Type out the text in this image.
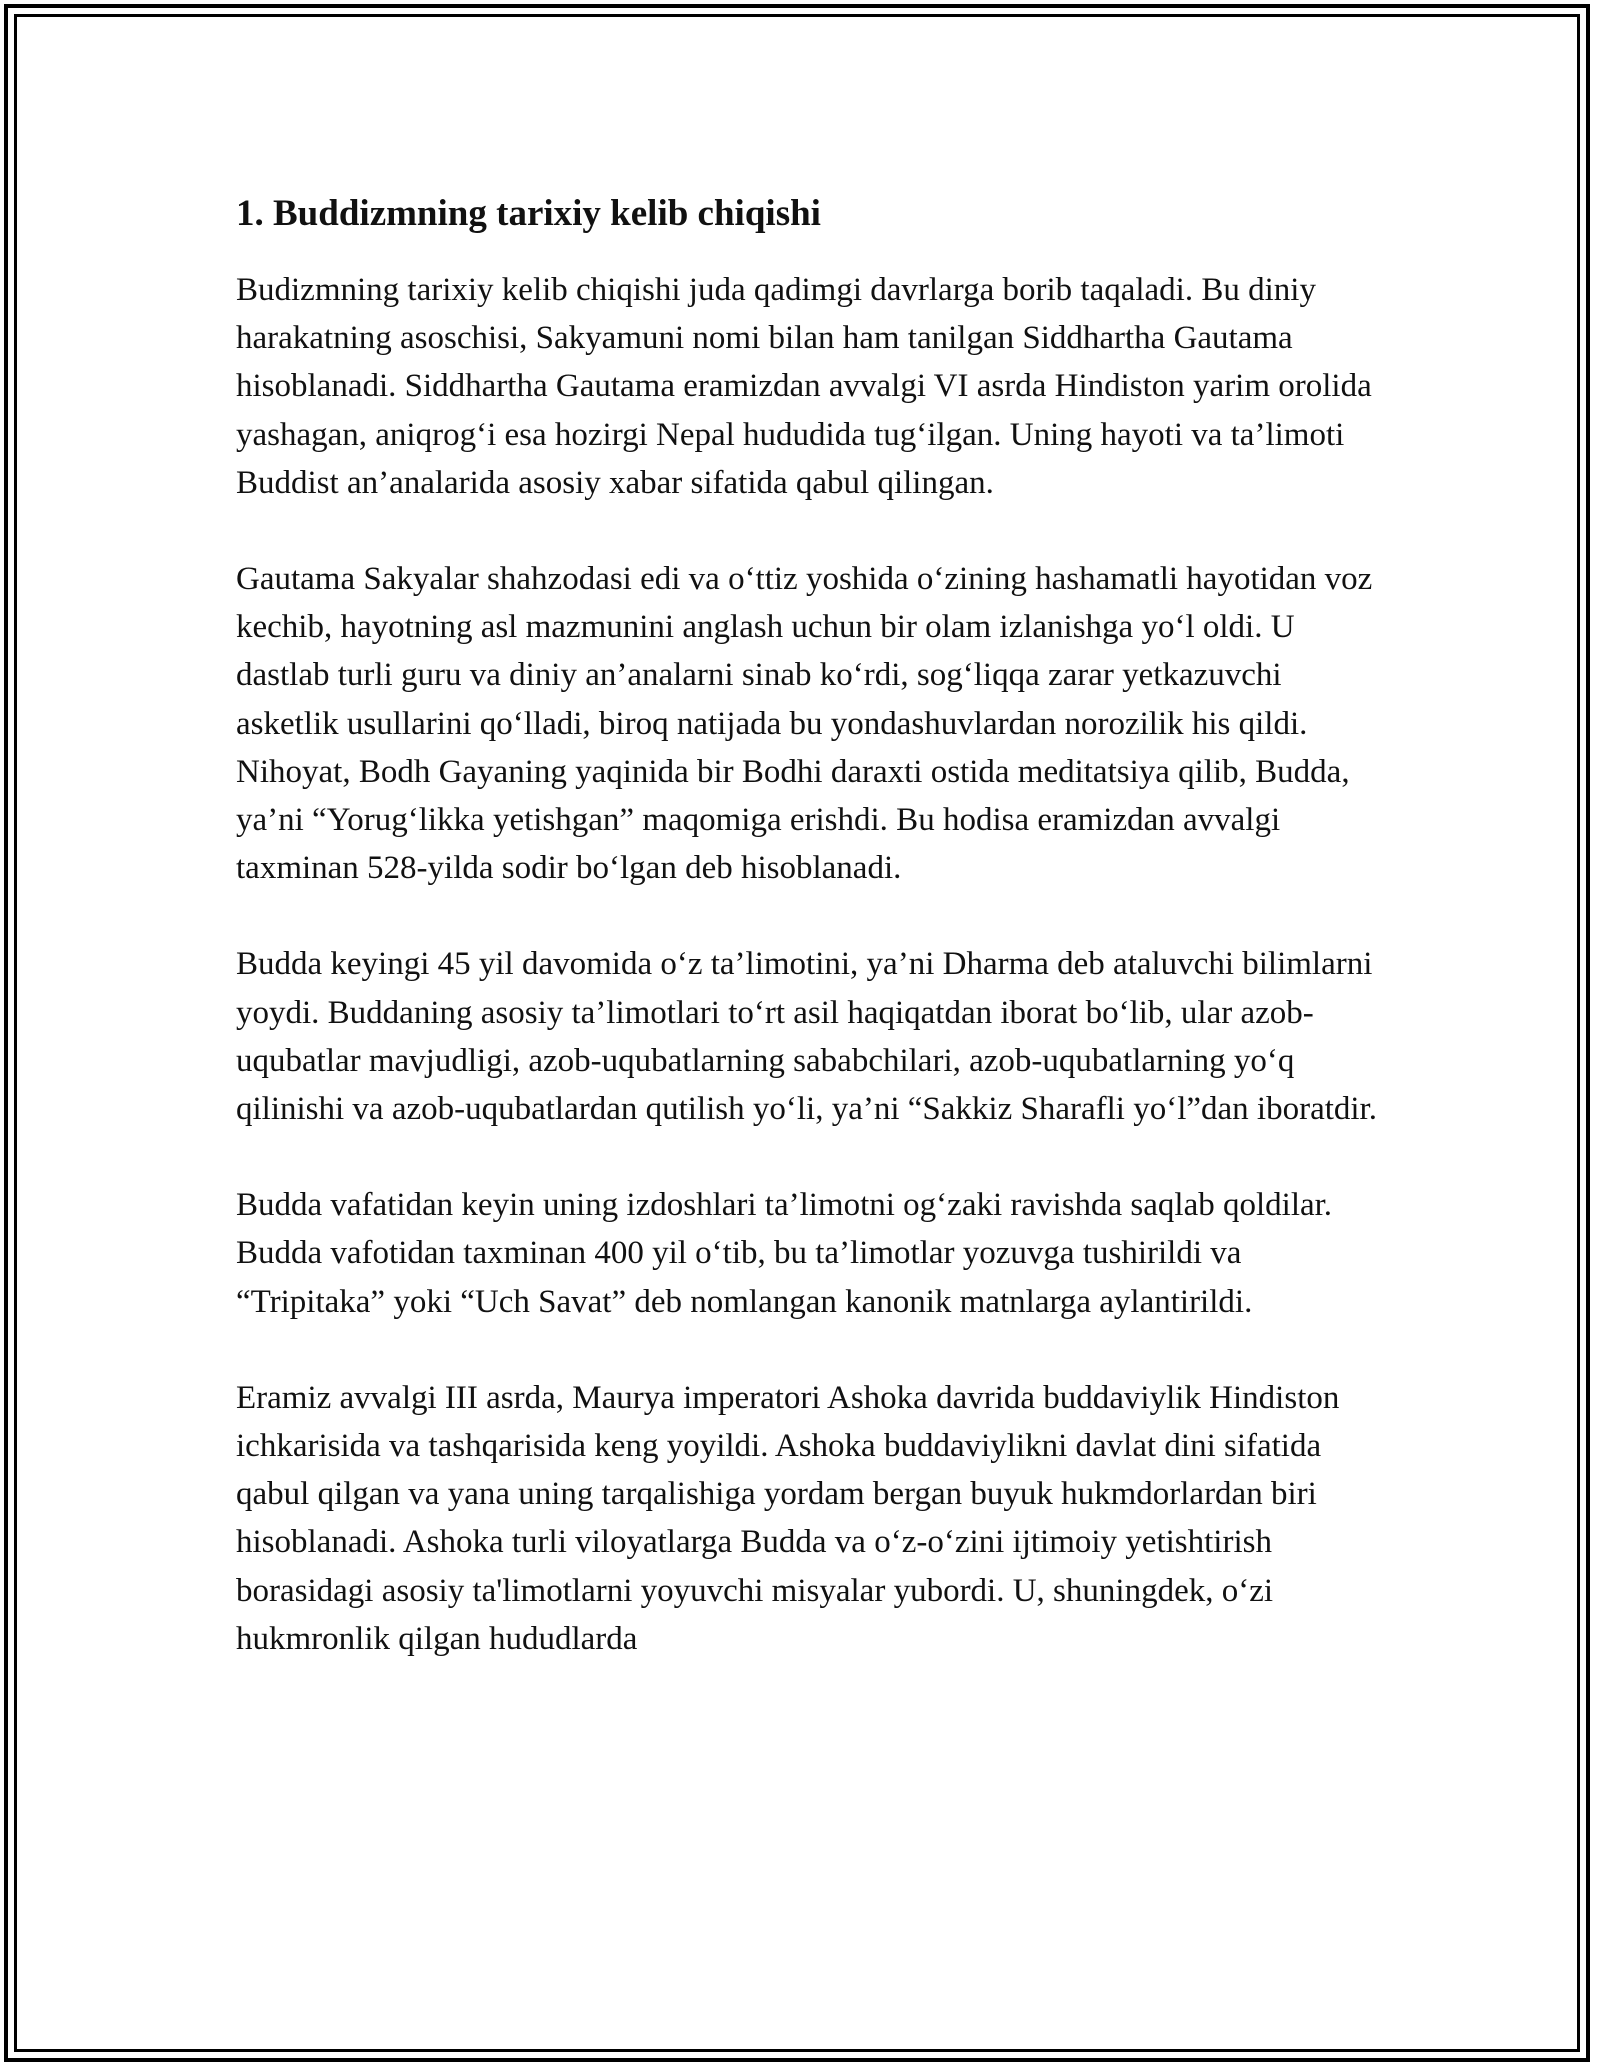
1. Buddizmning tarixiy kelib chiqishi

Budizmning tarixiy kelib chiqishi juda qadimgi davrlarga borib taqaladi. Bu diniy harakatning asoschisi, Sakyamuni nomi bilan ham tanilgan Siddhartha Gautama hisoblanadi. Siddhartha Gautama eramizdan avvalgi VI asrda Hindiston yarim orolida yashagan, aniqrog‘i esa hozirgi Nepal hududida tug‘ilgan. Uning hayoti va ta’limoti Buddist an’analarida asosiy xabar sifatida qabul qilingan.

Gautama Sakyalar shahzodasi edi va o‘ttiz yoshida o‘zining hashamatli hayotidan voz kechib, hayotning asl mazmunini anglash uchun bir olam izlanishga yo‘l oldi. U dastlab turli guru va diniy an’analarni sinab ko‘rdi, sog‘liqqa zarar yetkazuvchi asketlik usullarini qo‘lladi, biroq natijada bu yondashuvlardan norozilik his qildi. Nihoyat, Bodh Gayaning yaqinida bir Bodhi daraxti ostida meditatsiya qilib, Budda, ya’ni “Yorug‘likka yetishgan” maqomiga erishdi. Bu hodisa eramizdan avvalgi taxminan 528-yilda sodir bo‘lgan deb hisoblanadi.

Budda keyingi 45 yil davomida o‘z ta’limotini, ya’ni Dharma deb ataluvchi bilimlarni yoydi. Buddaning asosiy ta’limotlari to‘rt asil haqiqatdan iborat bo‘lib, ular azob-uqubatlar mavjudligi, azob-uqubatlarning sababchilari, azob-uqubatlarning yo‘q qilinishi va azob-uqubatlardan qutilish yo‘li, ya’ni “Sakkiz Sharafli yo‘l”dan iboratdir.

Budda vafatidan keyin uning izdoshlari ta’limotni og‘zaki ravishda saqlab qoldilar. Budda vafotidan taxminan 400 yil o‘tib, bu ta’limotlar yozuvga tushirildi va “Tripitaka” yoki “Uch Savat” deb nomlangan kanonik matnlarga aylantirildi.

Eramiz avvalgi III asrda, Maurya imperatori Ashoka davrida buddaviylik Hindiston ichkarisida va tashqarisida keng yoyildi. Ashoka buddaviylikni davlat dini sifatida qabul qilgan va yana uning tarqalishiga yordam bergan buyuk hukmdorlardan biri hisoblanadi. Ashoka turli viloyatlarga Budda va o‘z-o‘zini ijtimoiy yetishtirish borasidagi asosiy ta'limotlarni yoyuvchi misyalar yubordi. U, shuningdek, o‘zi hukmronlik qilgan hududlarda
